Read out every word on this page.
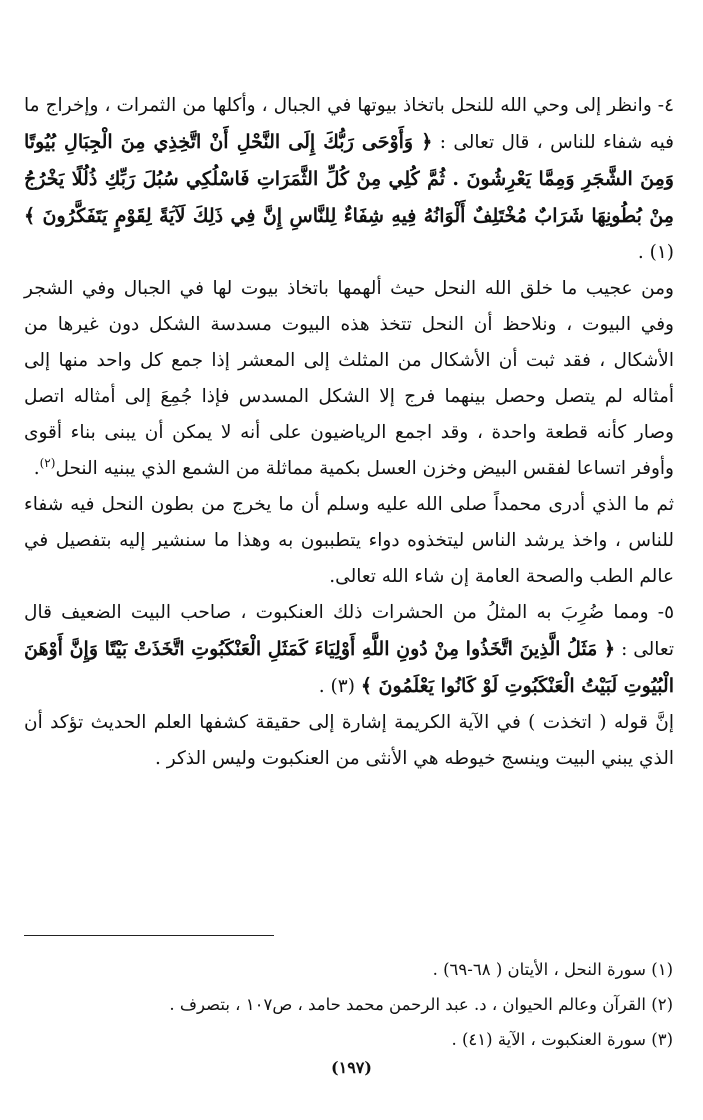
٤- وانظر إلى وحي الله للنحل باتخاذ بيوتها في الجبال ، وأكلها من الثمرات ، وإخراج ما فيه شفاء للناس ، قال تعالى : ﴿ وَأَوْحَى رَبُّكَ إِلَى النَّحْلِ أَنْ اتَّخِذِي مِنَ الْجِبَالِ بُيُوتًا وَمِنَ الشَّجَرِ وَمِمَّا يَعْرِشُونَ . ثُمَّ كُلِي مِنْ كُلِّ الثَّمَرَاتِ فَاسْلُكِي سُبُلَ رَبِّكِ ذُلُلًا يَخْرُجُ مِنْ بُطُونِهَا شَرَابٌ مُخْتَلِفٌ أَلْوَانُهُ فِيهِ شِفَاءٌ لِلنَّاسِ إِنَّ فِي ذَلِكَ لَآيَةً لِقَوْمٍ يَتَفَكَّرُونَ ﴾ (١) .

ومن عجيب ما خلق الله النحل حيث ألهمها باتخاذ بيوت لها في الجبال وفي الشجر وفي البيوت ، ونلاحظ أن النحل تتخذ هذه البيوت مسدسة الشكل دون غيرها من الأشكال ، فقد ثبت أن الأشكال من المثلث إلى المعشر إذا جمع كل واحد منها إلى أمثاله لم يتصل وحصل بينهما فرج إلا الشكل المسدس فإذا جُمِعَ إلى أمثاله اتصل وصار كأنه قطعة واحدة ، وقد اجمع الرياضيون على أنه لا يمكن أن يبنى بناء أقوى وأوفر اتساعا لفقس البيض وخزن العسل بكمية مماثلة من الشمع الذي يبنيه النحل$^{(٢)}$.

ثم ما الذي أدرى محمداً صلى الله عليه وسلم أن ما يخرج من بطون النحل فيه شفاء للناس ، واخذ يرشد الناس ليتخذوه دواء يتطببون به وهذا ما سنشير إليه بتفصيل في عالم الطب والصحة العامة إن شاء الله تعالى.

٥- ومما ضُرِبَ به المثلُ من الحشرات ذلك العنكبوت ، صاحب البيت الضعيف قال تعالى : ﴿ مَثَلُ الَّذِينَ اتَّخَذُوا مِنْ دُونِ اللَّهِ أَوْلِيَاءَ كَمَثَلِ الْعَنْكَبُوتِ اتَّخَذَتْ بَيْتًا وَإِنَّ أَوْهَنَ الْبُيُوتِ لَبَيْتُ الْعَنْكَبُوتِ لَوْ كَانُوا يَعْلَمُونَ ﴾ (٣) .

إنَّ قوله ( اتخذت ) في الآية الكريمة إشارة إلى حقيقة كشفها العلم الحديث تؤكد أن الذي يبني البيت وينسج خيوطه هي الأنثى من العنكبوت وليس الذكر .

(١) سورة النحل ، الأيتان ( ٦٨-٦٩) .

(٢) القرآن وعالم الحيوان ، د. عبد الرحمن محمد حامد ، ص١٠٧ ، بتصرف .

(٣) سورة العنكبوت ، الآية (٤١) .

(١٩٧)
